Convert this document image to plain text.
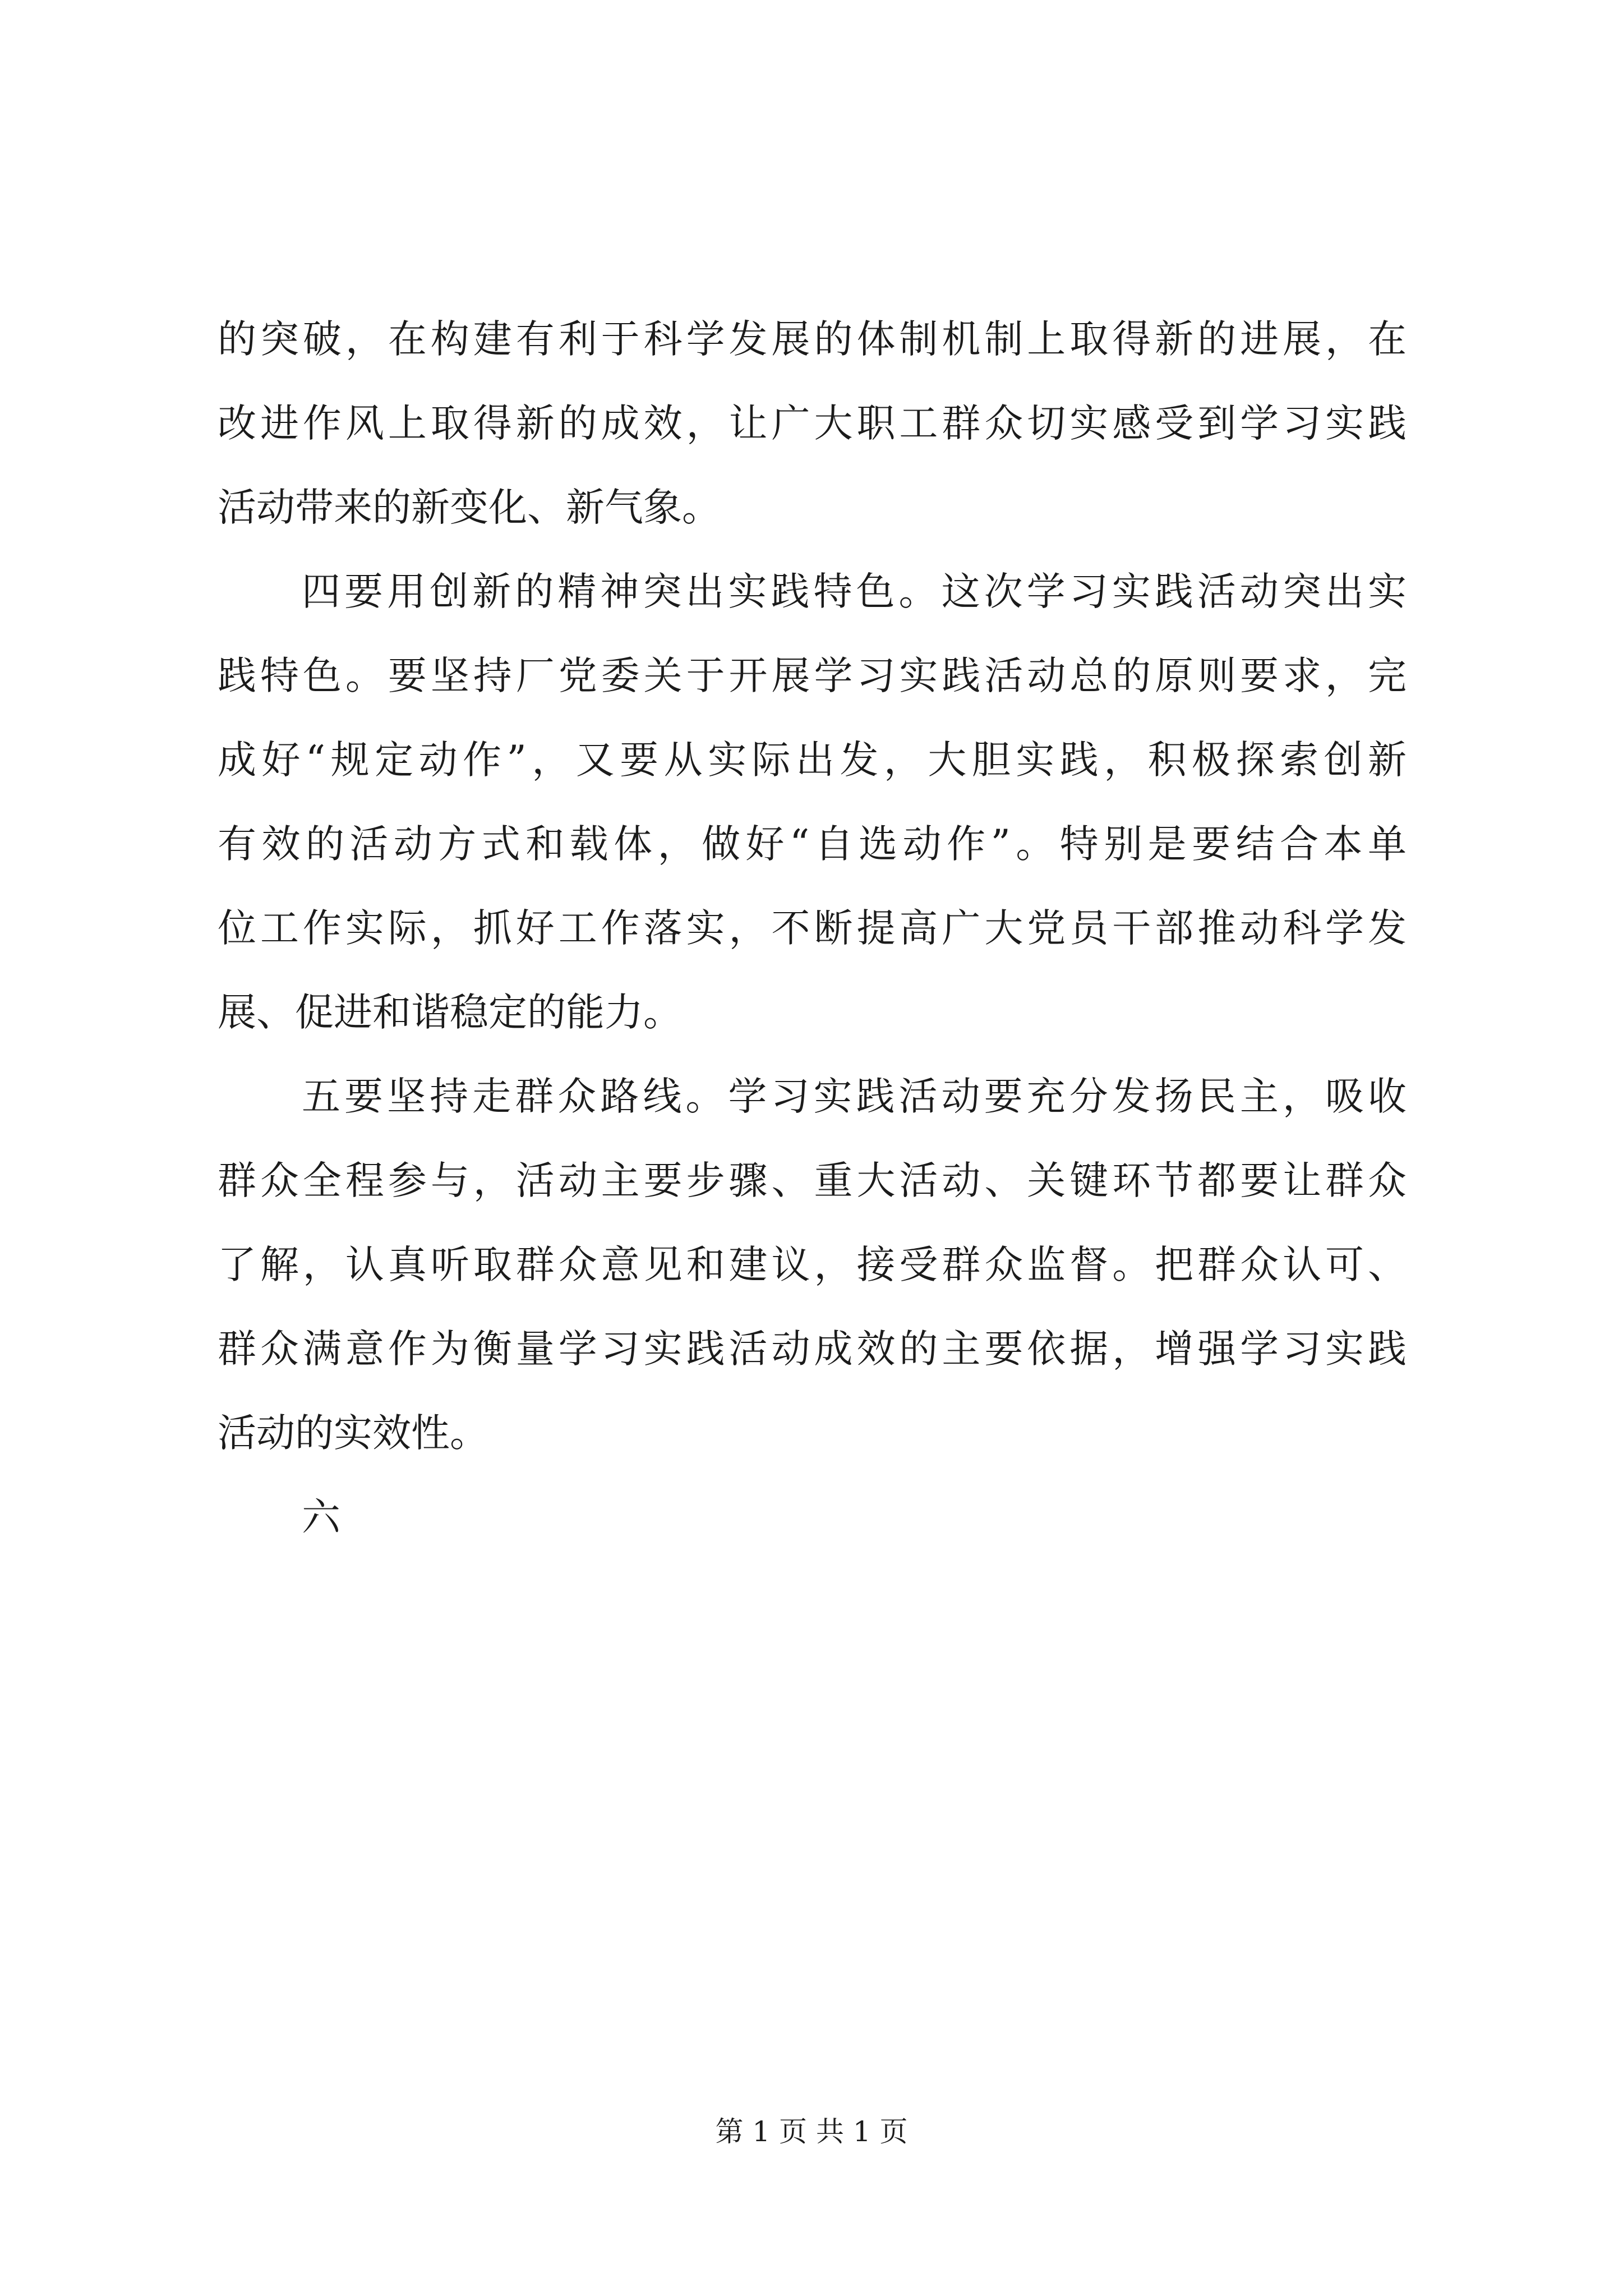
的突破，在构建有利于科学发展的体制机制上取得新的进展，在
改进作风上取得新的成效，让广大职工群众切实感受到学习实践
活动带来的新变化、新气象。
四要用创新的精神突出实践特色。这次学习实践活动突出实
践特色。要坚持厂党委关于开展学习实践活动总的原则要求，完
成好“规定动作”，又要从实际出发，大胆实践，积极探索创新
有效的活动方式和载体，做好“自选动作”。特别是要结合本单
位工作实际，抓好工作落实，不断提高广大党员干部推动科学发
展、促进和谐稳定的能力。
五要坚持走群众路线。学习实践活动要充分发扬民主，吸收
群众全程参与，活动主要步骤、重大活动、关键环节都要让群众
了解，认真听取群众意见和建议，接受群众监督。把群众认可、
群众满意作为衡量学习实践活动成效的主要依据，增强学习实践
活动的实效性。
六
第 1 页 共 1 页
